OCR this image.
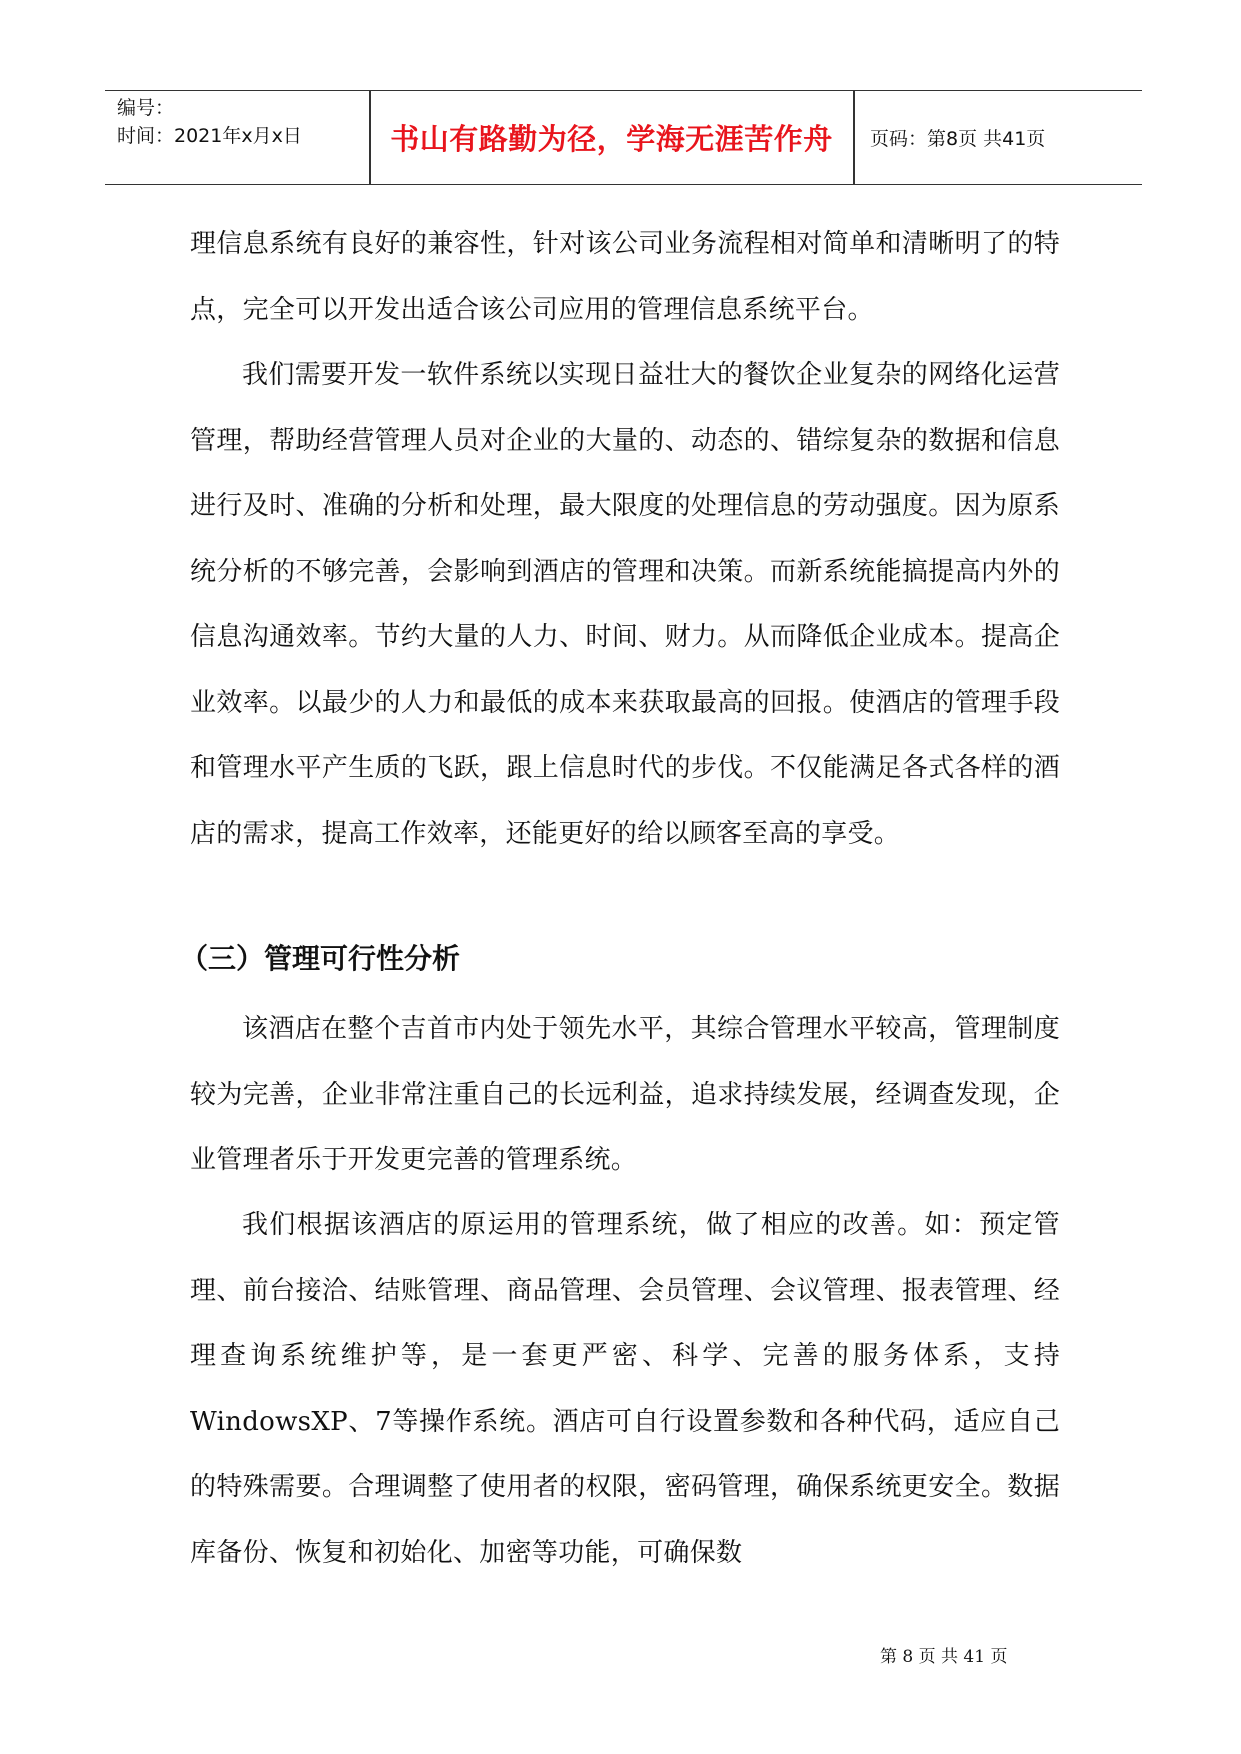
编号：
时间：2021年x月x日	书山有路勤为径，学海无涯苦作舟	页码：第8页 共41页
理信息系统有良好的兼容性，针对该公司业务流程相对简单和清晰明了的特点，完全可以开发出适合该公司应用的管理信息系统平台。
我们需要开发一软件系统以实现日益壮大的餐饮企业复杂的网络化运营管理，帮助经营管理人员对企业的大量的、动态的、错综复杂的数据和信息进行及时、准确的分析和处理，最大限度的处理信息的劳动强度。因为原系统分析的不够完善，会影响到酒店的管理和决策。而新系统能搞提高内外的信息沟通效率。节约大量的人力、时间、财力。从而降低企业成本。提高企业效率。以最少的人力和最低的成本来获取最高的回报。使酒店的管理手段和管理水平产生质的飞跃，跟上信息时代的步伐。不仅能满足各式各样的酒店的需求，提高工作效率，还能更好的给以顾客至高的享受。
（三）管理可行性分析
该酒店在整个吉首市内处于领先水平，其综合管理水平较高，管理制度较为完善，企业非常注重自己的长远利益，追求持续发展，经调查发现，企业管理者乐于开发更完善的管理系统。
我们根据该酒店的原运用的管理系统，做了相应的改善。如：预定管理、前台接洽、结账管理、商品管理、会员管理、会议管理、报表管理、经理查询系统维护等，是一套更严密、科学、完善的服务体系，支持WindowsXP、7等操作系统。酒店可自行设置参数和各种代码，适应自己的特殊需要。合理调整了使用者的权限，密码管理，确保系统更安全。数据库备份、恢复和初始化、加密等功能，可确保数
第 8 页 共 41 页
